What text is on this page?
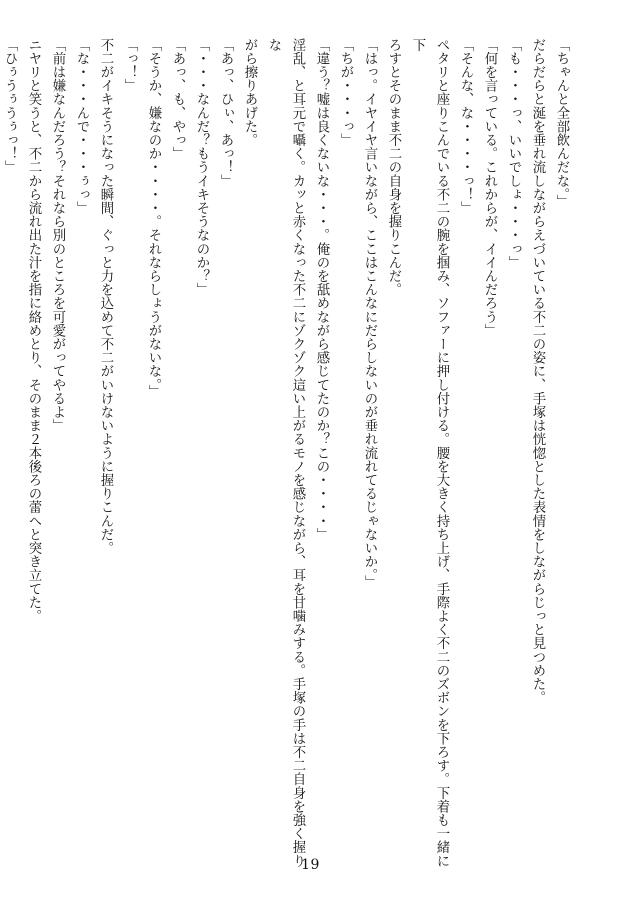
「ちゃんと全部飲んだな。」

だらだらと涎を垂れ流しながらえづいている不二の姿に、手塚は恍惚とした表情をしながらじっと見つめた。

「も・・・っ、いいでしょ・・・っ」

「何を言っている。これからが、イイんだろう」

「そんな、な・・・・っ！」

ペタリと座りこんでいる不二の腕を掴み、ソファーに押し付ける。腰を大きく持ち上げ、手際よく不二のズボンを下ろす。下着も一緒に下

ろすとそのまま不二の自身を握りこんだ。

「はっ。イヤイヤ言いながら、ここはこんなにだらしないのが垂れ流れてるじゃないか。」

「ちが・・・っ」

「違う？嘘は良くないな・・・。俺のを舐めながら感じてたのか？この・・・・」

淫乱、と耳元で囁く。カッと赤くなった不二にゾクゾク這い上がるモノを感じながら、耳を甘噛みする。手塚の手は不二自身を強く握りな

がら擦りあげた。

「あっ、ひぃ、あっ！」

「・・・なんだ？もうイキそうなのか？」

「あっ、も、やっ」

「そうか、嫌なのか・・・・。それならしょうがないな。」

「っ！」

不二がイキそうになった瞬間、ぐっと力を込めて不二がいけないように握りこんだ。

「な・・・んで・・・ぅっ」

「前は嫌なんだろう？それなら別のところを可愛がってやるよ」

ニヤリと笑うと、不二から流れ出た汁を指に絡めとり、そのまま２本後ろの蕾へと突き立てた。

「ひぅうぅうぅっ！」

19
